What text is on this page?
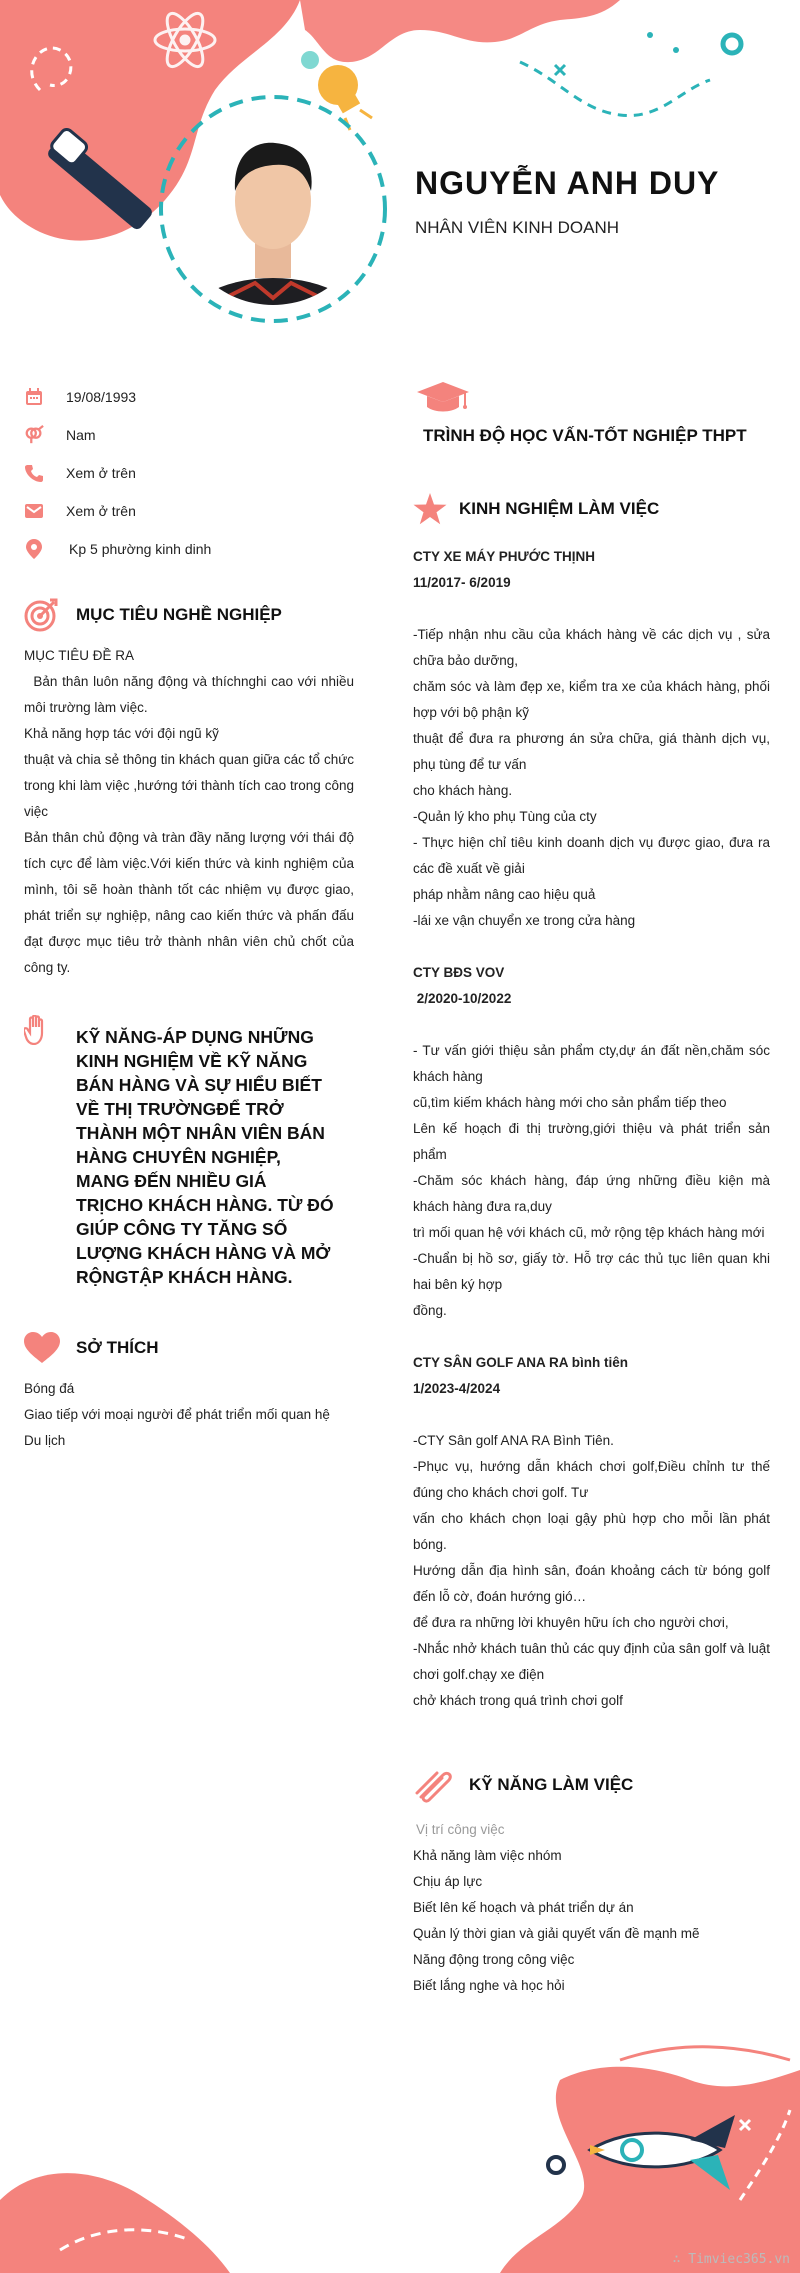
NGUYỄN ANH DUY
NHÂN VIÊN KINH DOANH
19/08/1993
Nam
Xem ở trên
Xem ở trên
Kp 5 phường kinh dinh
MỤC TIÊU NGHỀ NGHIỆP
MỤC TIÊU ĐỀ RA
Bản thân luôn năng động và thíchnghi cao với nhiều môi trường làm việc.
Khả năng hợp tác với đội ngũ kỹ
thuật và chia sẻ thông tin khách quan giữa các tổ chức trong khi làm việc ,hướng tới thành tích cao trong công việc
Bản thân chủ động và tràn đầy năng lượng với thái độ tích cực để làm việc.Với kiến thức và kinh nghiệm của mình, tôi sẽ hoàn thành tốt các nhiệm vụ được giao, phát triển sự nghiệp, nâng cao kiến thức và phấn đấu đạt được mục tiêu trở thành nhân viên chủ chốt của công ty.
KỸ NĂNG-ÁP DỤNG NHỮNG KINH NGHIỆM VỀ KỸ NĂNG BÁN HÀNG VÀ SỰ HIỂU BIẾT VỀ THỊ TRƯỜNGĐỂ TRỞ THÀNH MỘT NHÂN VIÊN BÁN HÀNG CHUYÊN NGHIỆP, MANG ĐẾN NHIỀU GIÁ TRỊCHO KHÁCH HÀNG. TỪ ĐÓ GIÚP CÔNG TY TĂNG SỐ LƯỢNG KHÁCH HÀNG VÀ MỞ RỘNGTẬP KHÁCH HÀNG.
SỞ THÍCH
Bóng đá
Giao tiếp với moại người để phát triển mối quan hệ
Du lịch
TRÌNH ĐỘ HỌC VẤN-TỐT NGHIỆP THPT
KINH NGHIỆM LÀM VIỆC
CTY XE MÁY PHƯỚC THỊNH
11/2017- 6/2019
-Tiếp nhận nhu cầu của khách hàng về các dịch vụ , sửa chữa bảo dưỡng,
chăm sóc và làm đẹp xe, kiểm tra xe của khách hàng, phối hợp với bộ phận kỹ
thuật để đưa ra phương án sửa chữa, giá thành dịch vụ, phụ tùng để tư vấn
cho khách hàng.
-Quản lý kho phụ Tùng của cty
- Thực hiện chỉ tiêu kinh doanh dịch vụ được giao, đưa ra các đề xuất về giải
pháp nhằm nâng cao hiệu quả
-lái xe vận chuyển xe trong cửa hàng
CTY BĐS VOV
2/2020-10/2022
- Tư vấn giới thiệu sản phẩm cty,dự án đất nền,chăm sóc khách hàng
cũ,tìm kiếm khách hàng mới cho sản phẩm tiếp theo
Lên kế hoạch đi thị trường,giới thiệu và phát triển sản phẩm
-Chăm sóc khách hàng, đáp ứng những điều kiện mà khách hàng đưa ra,duy
trì mối quan hệ với khách cũ, mở rộng tệp khách hàng mới
-Chuẩn bị hồ sơ, giấy tờ. Hỗ trợ các thủ tục liên quan khi hai bên ký hợp
đồng.
CTY SÂN GOLF ANA RA bình tiên
1/2023-4/2024
-CTY Sân golf ANA RA Bình Tiên.
-Phục vụ, hướng dẫn khách chơi golf,Điều chỉnh tư thế đúng cho khách chơi golf. Tư
vấn cho khách chọn loại gậy phù hợp cho mỗi lần phát bóng.
Hướng dẫn địa hình sân, đoán khoảng cách từ bóng golf đến lỗ cờ, đoán hướng gió…
để đưa ra những lời khuyên hữu ích cho người chơi,
-Nhắc nhở khách tuân thủ các quy định của sân golf và luật chơi golf.chạy xe điện
chở khách trong quá trình chơi golf
KỸ NĂNG LÀM VIỆC
Vị trí công việc
Khả năng làm việc nhóm
Chịu áp lực
Biết lên kế hoạch và phát triển dự án
Quản lý thời gian và giải quyết vấn đề mạnh mẽ
Năng động trong công việc
Biết lắng nghe và học hỏi
∴ Timviec365.vn
